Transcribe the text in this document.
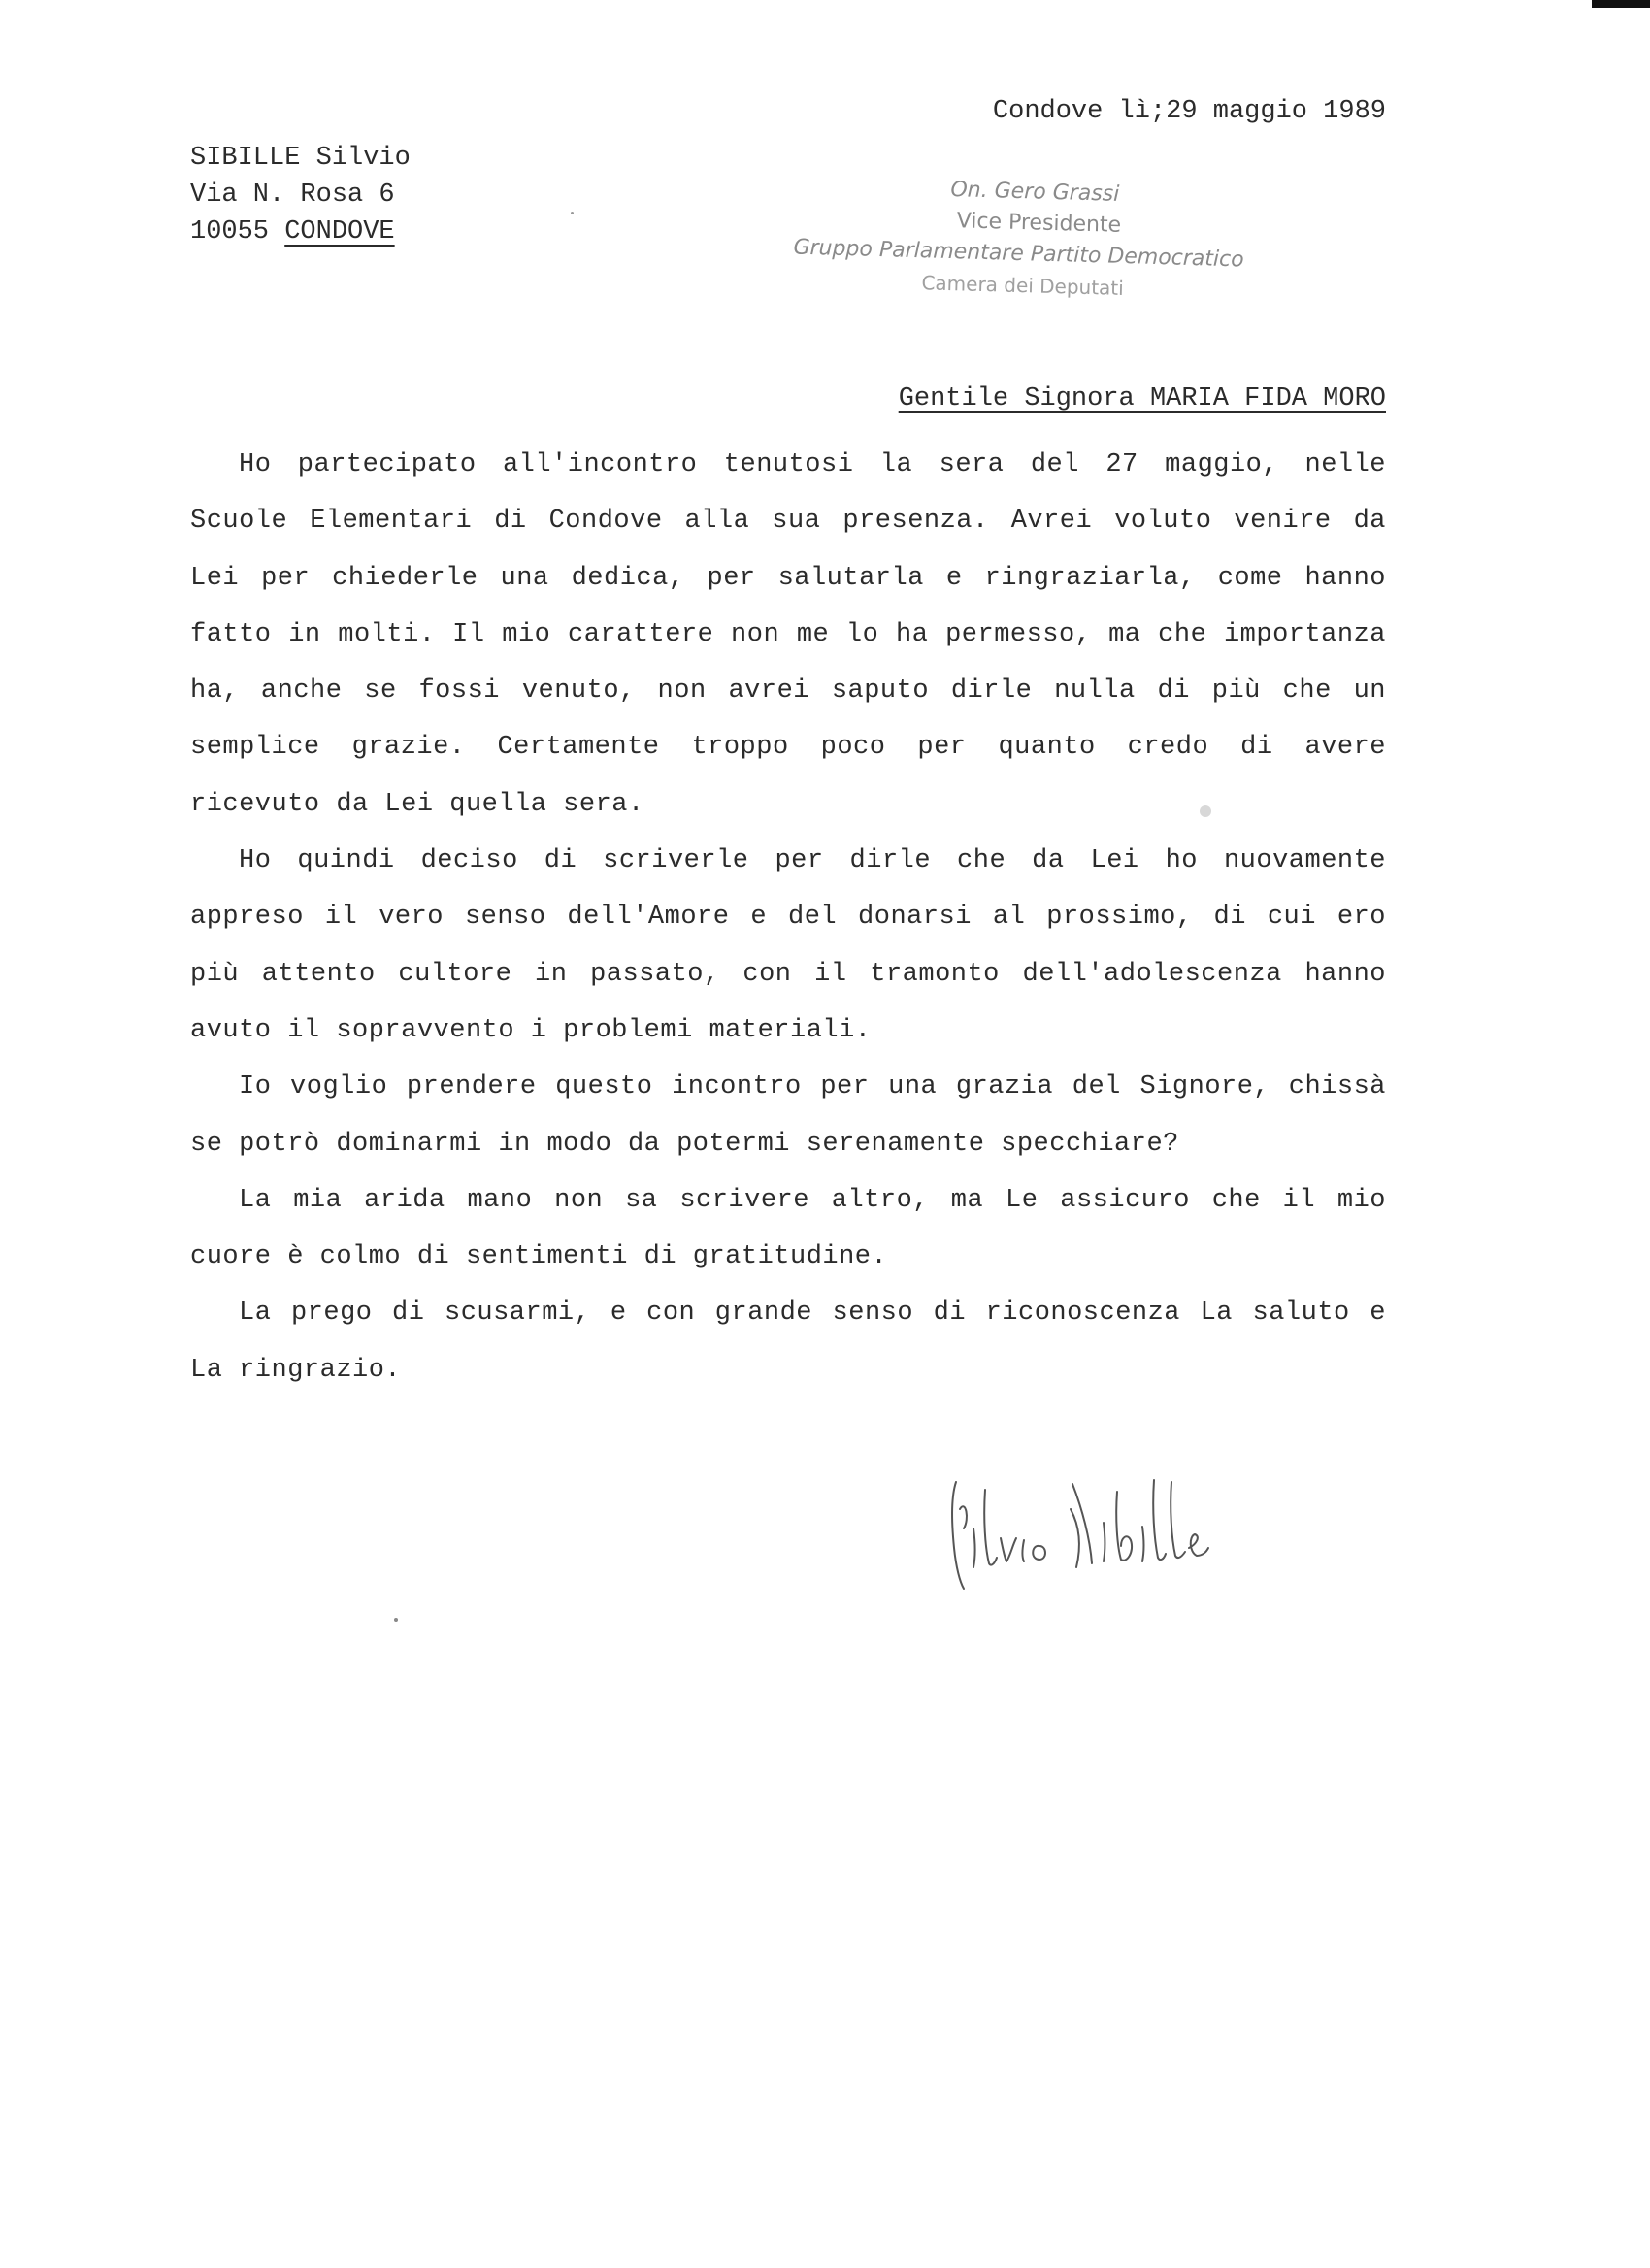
Condove lì;29 maggio 1989
SIBILLE Silvio
Via N. Rosa 6
10055 CONDOVE
On. Gero Grassi
Vice Presidente
Gruppo Parlamentare Partito Democratico
Camera dei Deputati
Gentile Signora MARIA FIDA MORO

Ho partecipato all'incontro tenutosi la sera del 27 maggio, nelle Scuole Elementari di Condove alla sua presenza. Avrei voluto venire da Lei per chiederle una dedica, per salutarla e ringraziarla, come hanno fatto in molti. Il mio carattere non me lo ha permesso, ma che importanza ha, anche se fossi venuto, non avrei saputo dirle nulla di più che un semplice grazie. Certamente troppo poco per quanto credo di avere ricevuto da Lei quella sera.

Ho quindi deciso di scriverle per dirle che da Lei ho nuovamente appreso il vero senso dell'Amore e del donarsi al prossimo, di cui ero più attento cultore in passato, con il tramonto dell'adolescenza hanno avuto il sopravvento i problemi materiali.

Io voglio prendere questo incontro per una grazia del Signore, chissà se potrò dominarmi in modo da potermi serenamente specchiare?

La mia arida mano non sa scrivere altro, ma Le assicuro che il mio cuore è colmo di sentimenti di gratitudine.

La prego di scusarmi, e con grande senso di riconoscenza La saluto e La ringrazio.
